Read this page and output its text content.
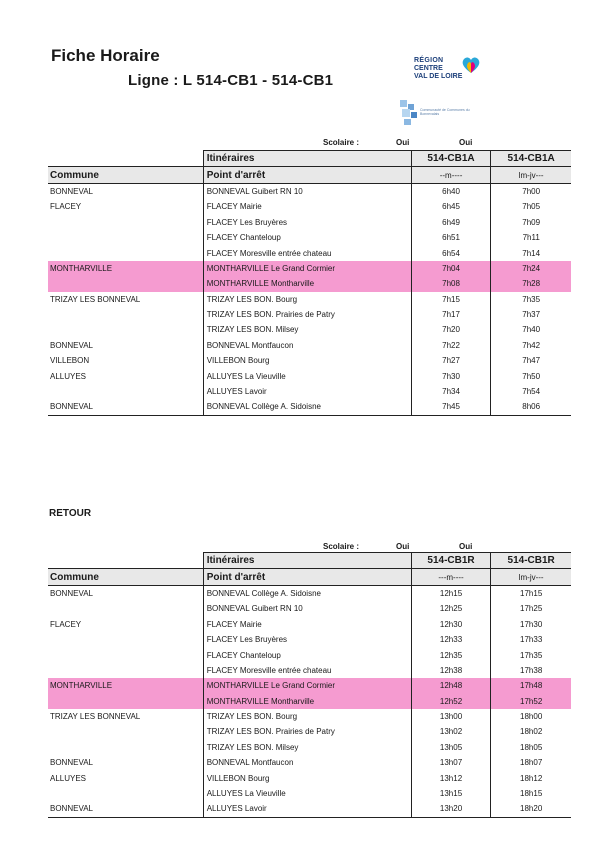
Fiche Horaire
Ligne : L 514-CB1 - 514-CB1
RÉGION
CENTRE
VAL DE LOIRE
Communauté de Communes du Bonnevalais
Scolaire :	Oui	Oui
	Itinéraires	514-CB1A	514-CB1A
Commune	Point d'arrêt	--m----	lm-jv---
BONNEVAL	BONNEVAL Guibert RN 10	6h40	7h00
FLACEY	FLACEY Mairie	6h45	7h05
	FLACEY Les Bruyères	6h49	7h09
	FLACEY Chanteloup	6h51	7h11
	FLACEY Moresville entrée chateau	6h54	7h14
MONTHARVILLE	MONTHARVILLE Le Grand Cormier	7h04	7h24
	MONTHARVILLE Montharville	7h08	7h28
TRIZAY LES BONNEVAL	TRIZAY LES BON. Bourg	7h15	7h35
	TRIZAY LES BON. Prairies de Patry	7h17	7h37
	TRIZAY LES BON. Milsey	7h20	7h40
BONNEVAL	BONNEVAL Montfaucon	7h22	7h42
VILLEBON	VILLEBON Bourg	7h27	7h47
ALLUYES	ALLUYES La Vieuville	7h30	7h50
	ALLUYES Lavoir	7h34	7h54
BONNEVAL	BONNEVAL Collège A. Sidoisne	7h45	8h06
RETOUR
Scolaire :	Oui	Oui
	Itinéraires	514-CB1R	514-CB1R
Commune	Point d'arrêt	---m----	lm-jv---
BONNEVAL	BONNEVAL Collège A. Sidoisne	12h15	17h15
	BONNEVAL Guibert RN 10	12h25	17h25
FLACEY	FLACEY Mairie	12h30	17h30
	FLACEY Les Bruyères	12h33	17h33
	FLACEY Chanteloup	12h35	17h35
	FLACEY Moresville entrée chateau	12h38	17h38
MONTHARVILLE	MONTHARVILLE Le Grand Cormier	12h48	17h48
	MONTHARVILLE Montharville	12h52	17h52
TRIZAY LES BONNEVAL	TRIZAY LES BON. Bourg	13h00	18h00
	TRIZAY LES BON. Prairies de Patry	13h02	18h02
	TRIZAY LES BON. Milsey	13h05	18h05
BONNEVAL	BONNEVAL Montfaucon	13h07	18h07
ALLUYES	VILLEBON Bourg	13h12	18h12
	ALLUYES La Vieuville	13h15	18h15
BONNEVAL	ALLUYES Lavoir	13h20	18h20
